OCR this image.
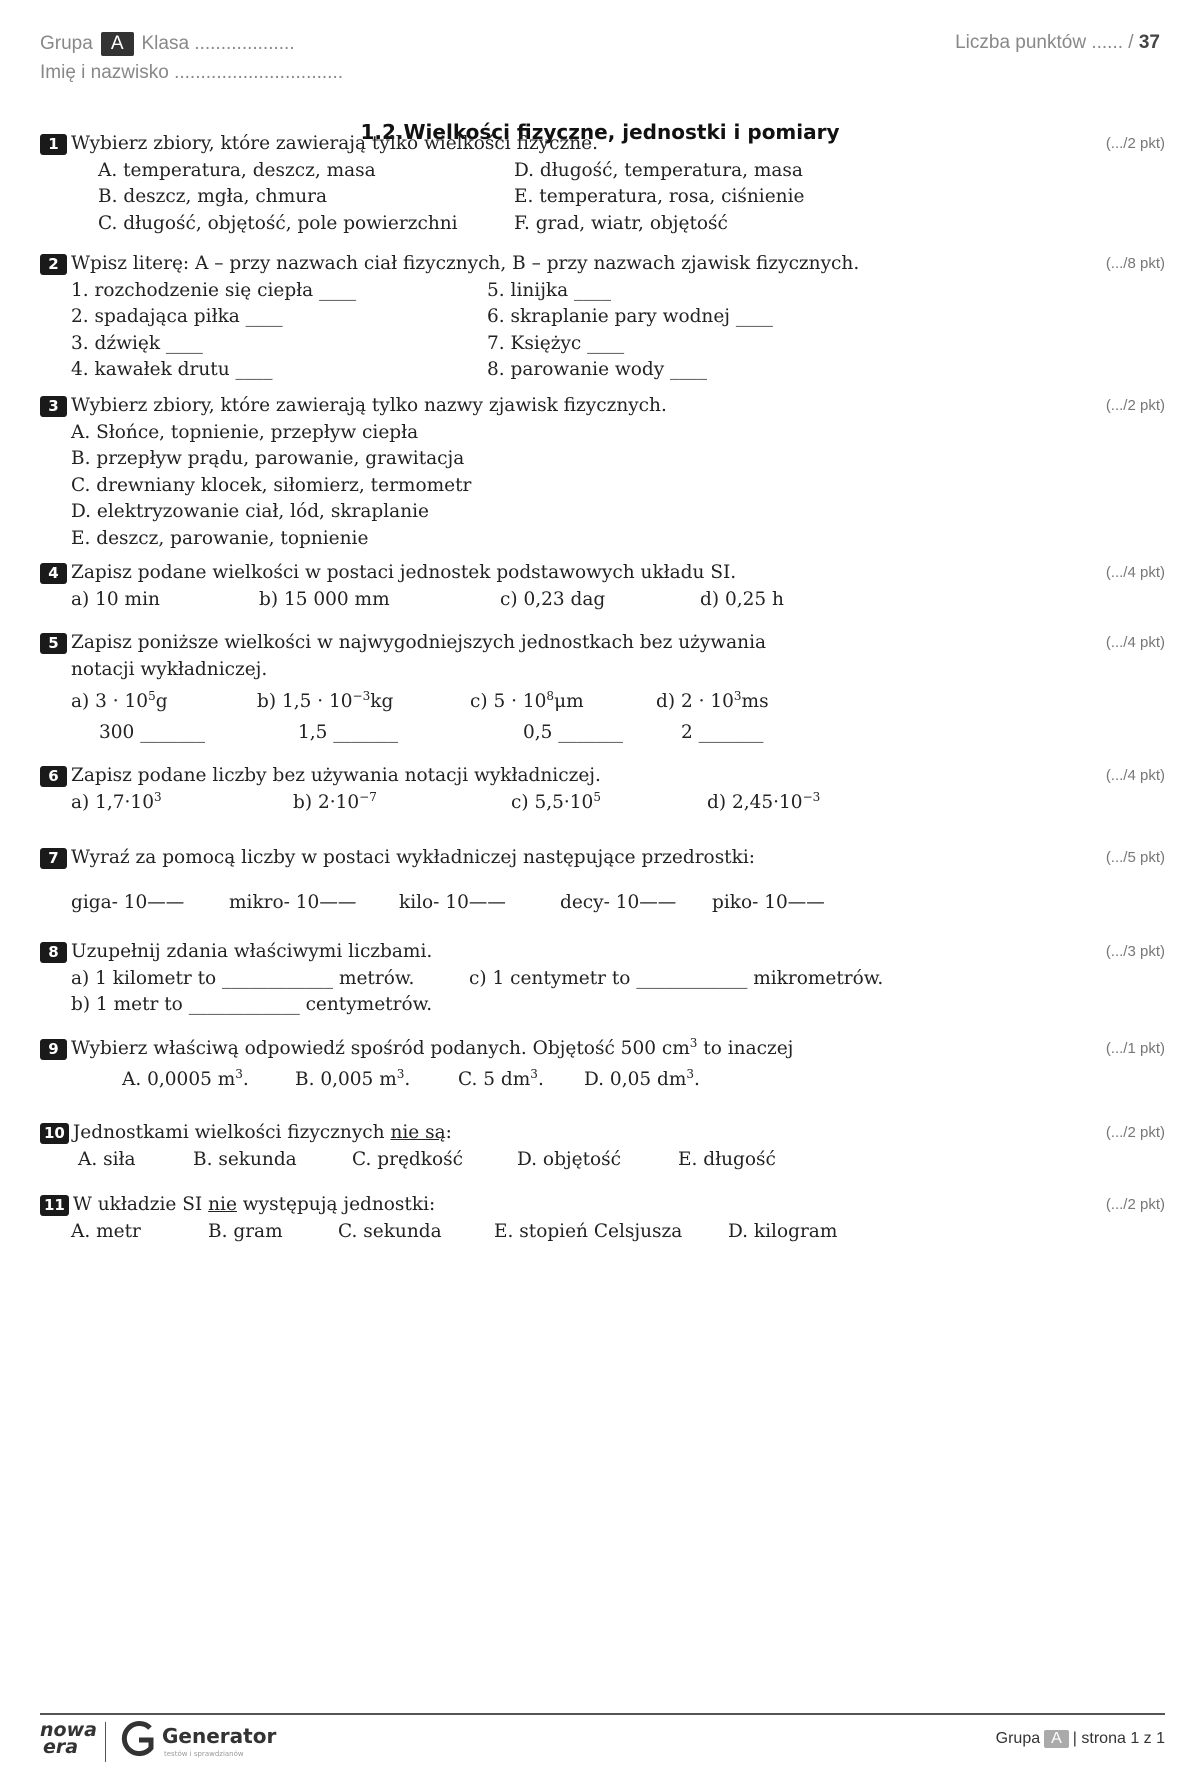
Grupa A Klasa ...................
Imię i nazwisko ................................
Liczba punktów ...... / 37
1.2.Wielkości fizyczne, jednostki i pomiary
1 Wybierz zbiory, które zawierają tylko wielkości fizyczne.	(.../2 pkt)
A. temperatura, deszcz, masa	D. długość, temperatura, masa
B. deszcz, mgła, chmura	E. temperatura, rosa, ciśnienie
C. długość, objętość, pole powierzchni	F. grad, wiatr, objętość
2 Wpisz literę: A – przy nazwach ciał fizycznych, B – przy nazwach zjawisk fizycznych.	(.../8 pkt)
1. rozchodzenie się ciepła ____	5. linijka ____
2. spadająca piłka ____	6. skraplanie pary wodnej ____
3. dźwięk ____	7. Księżyc ____
4. kawałek drutu ____	8. parowanie wody ____
3 Wybierz zbiory, które zawierają tylko nazwy zjawisk fizycznych.	(.../2 pkt)
A. Słońce, topnienie, przepływ ciepła
B. przepływ prądu, parowanie, grawitacja
C. drewniany klocek, siłomierz, termometr
D. elektryzowanie ciał, lód, skraplanie
E. deszcz, parowanie, topnienie
4 Zapisz podane wielkości w postaci jednostek podstawowych układu SI.	(.../4 pkt)
a) 10 min	b) 15 000 mm	c) 0,23 dag	d) 0,25 h
5 Zapisz poniższe wielkości w najwygodniejszych jednostkach bez używania notacji wykładniczej.
(.../4 pkt)
a) $3 \cdot 10^5g$	b) $1,5 \cdot 10^{-3}kg$	c) $5 \cdot 10^8\mu m$	d) $2 \cdot 10^3ms$
300 _______	1,5 _______	0,5 _______	2 _______
6 Zapisz podane liczby bez używania notacji wykładniczej.	(.../4 pkt)
a) $1,7\cdot 10^3$	b) $2\cdot 10^{-7}$	c) $5,5\cdot 10^5$	d) $2,45\cdot 10^{-3}$
7 Wyraź za pomocą liczby w postaci wykładniczej następujące przedrostki:	(.../5 pkt)
giga- 10——	mikro- 10——	kilo- 10——	decy- 10——	piko- 10——
8 Uzupełnij zdania właściwymi liczbami.	(.../3 pkt)
a) 1 kilometr to ____________ metrów.	c) 1 centymetr to ____________ mikrometrów.
b) 1 metr to ____________ centymetrów.
9 Wybierz właściwą odpowiedź spośród podanych. Objętość 500 $cm^3$ to inaczej	(.../1 pkt)
A. 0,0005 $m^3$.	B. 0,005 $m^3$.	C. 5 $dm^3$.	D. 0,05 $dm^3$.
10 Jednostkami wielkości fizycznych nie są:	(.../2 pkt)
A. siła	B. sekunda	C. prędkość	D. objętość	E. długość
11 W układzie SI nie występują jednostki:	(.../2 pkt)
A. metr	B. gram	C. sekunda	E. stopień Celsjusza	D. kilogram
nowa
era	Generator
testów i sprawdzianów
Grupa A | strona 1 z 1
